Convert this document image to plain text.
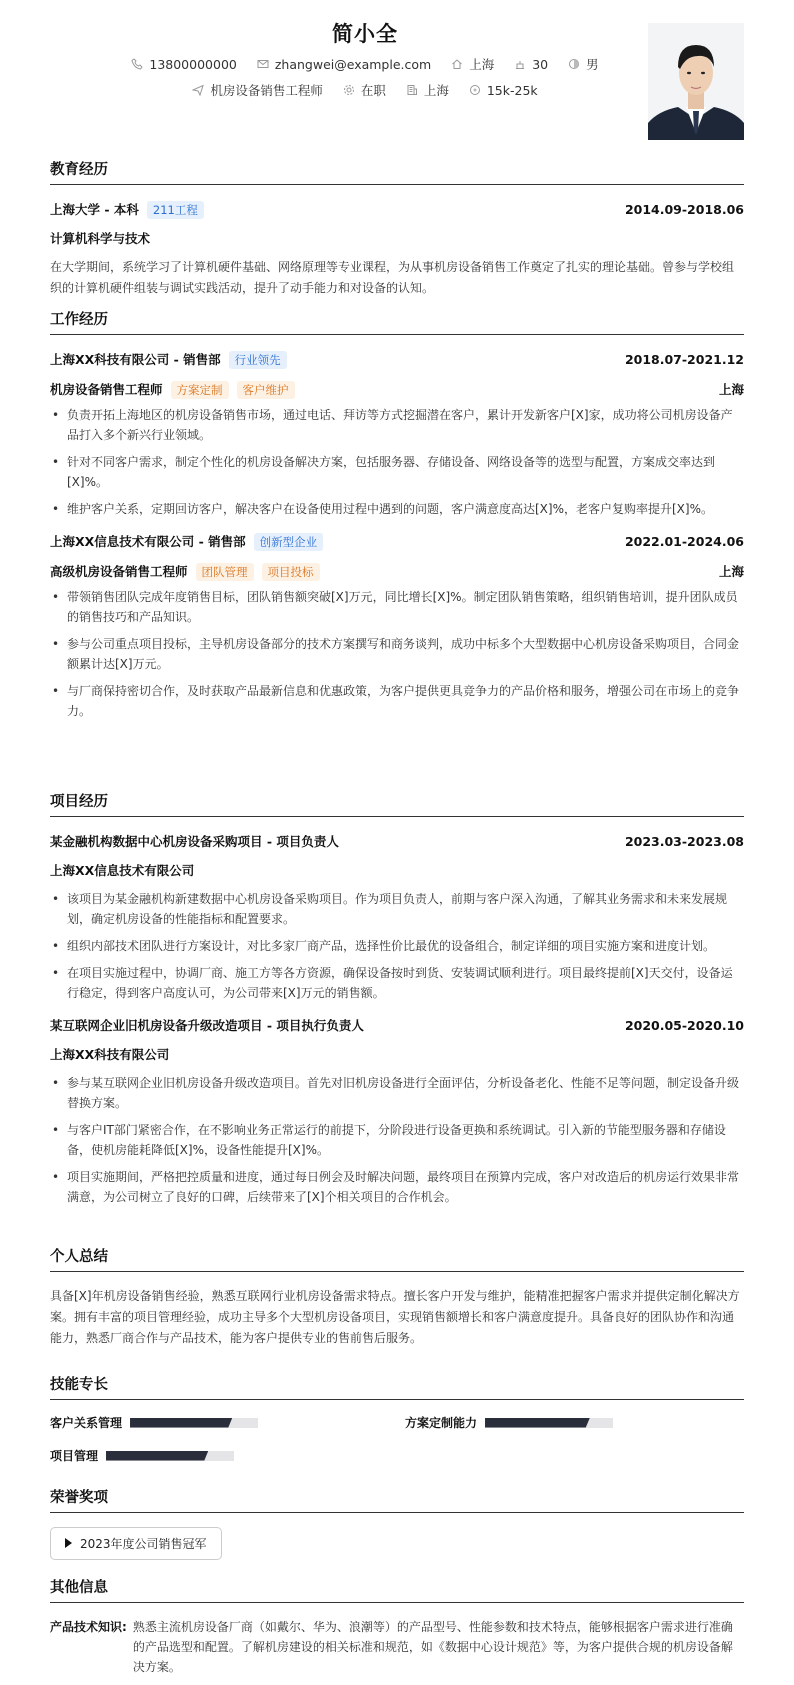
简小全
13800000000	zhangwei@example.com	上海	30	男
机房设备销售工程师	在职	上海	15k-25k
教育经历
上海大学 - 本科 211工程	2014.09-2018.06
计算机科学与技术

在大学期间，系统学习了计算机硬件基础、网络原理等专业课程，为从事机房设备销售工作奠定了扎实的理论基础。曾参与学校组织的计算机硬件组装与调试实践活动，提升了动手能力和对设备的认知。

工作经历
上海XX科技有限公司 - 销售部 行业领先	2018.07-2021.12
机房设备销售工程师 方案定制 客户维护	上海
• 负责开拓上海地区的机房设备销售市场，通过电话、拜访等方式挖掘潜在客户，累计开发新客户[X]家，成功将公司机房设备产品打入多个新兴行业领域。
• 针对不同客户需求，制定个性化的机房设备解决方案，包括服务器、存储设备、网络设备等的选型与配置，方案成交率达到[X]%。
• 维护客户关系，定期回访客户，解决客户在设备使用过程中遇到的问题，客户满意度高达[X]%，老客户复购率提升[X]%。
上海XX信息技术有限公司 - 销售部 创新型企业	2022.01-2024.06
高级机房设备销售工程师 团队管理 项目投标	上海
• 带领销售团队完成年度销售目标，团队销售额突破[X]万元，同比增长[X]%。制定团队销售策略，组织销售培训，提升团队成员的销售技巧和产品知识。
• 参与公司重点项目投标，主导机房设备部分的技术方案撰写和商务谈判，成功中标多个大型数据中心机房设备采购项目，合同金额累计达[X]万元。
• 与厂商保持密切合作，及时获取产品最新信息和优惠政策，为客户提供更具竞争力的产品价格和服务，增强公司在市场上的竞争力。
项目经历
某金融机构数据中心机房设备采购项目 - 项目负责人	2023.03-2023.08
上海XX信息技术有限公司
• 该项目为某金融机构新建数据中心机房设备采购项目。作为项目负责人，前期与客户深入沟通，了解其业务需求和未来发展规划，确定机房设备的性能指标和配置要求。
• 组织内部技术团队进行方案设计，对比多家厂商产品，选择性价比最优的设备组合，制定详细的项目实施方案和进度计划。
• 在项目实施过程中，协调厂商、施工方等各方资源，确保设备按时到货、安装调试顺利进行。项目最终提前[X]天交付，设备运行稳定，得到客户高度认可，为公司带来[X]万元的销售额。
某互联网企业旧机房设备升级改造项目 - 项目执行负责人	2020.05-2020.10
上海XX科技有限公司
• 参与某互联网企业旧机房设备升级改造项目。首先对旧机房设备进行全面评估，分析设备老化、性能不足等问题，制定设备升级替换方案。
• 与客户IT部门紧密合作，在不影响业务正常运行的前提下，分阶段进行设备更换和系统调试。引入新的节能型服务器和存储设备，使机房能耗降低[X]%，设备性能提升[X]%。
• 项目实施期间，严格把控质量和进度，通过每日例会及时解决问题，最终项目在预算内完成，客户对改造后的机房运行效果非常满意，为公司树立了良好的口碑，后续带来了[X]个相关项目的合作机会。
个人总结

具备[X]年机房设备销售经验，熟悉互联网行业机房设备需求特点。擅长客户开发与维护，能精准把握客户需求并提供定制化解决方案。拥有丰富的项目管理经验，成功主导多个大型机房设备项目，实现销售额增长和客户满意度提升。具备良好的团队协作和沟通能力，熟悉厂商合作与产品技术，能为客户提供专业的售前售后服务。

技能专长
客户关系管理	方案定制能力
项目管理
荣誉奖项
2023年度公司销售冠军
其他信息
产品技术知识: 熟悉主流机房设备厂商（如戴尔、华为、浪潮等）的产品型号、性能参数和技术特点，能够根据客户需求进行准确的产品选型和配置。了解机房建设的相关标准和规范，如《数据中心设计规范》等，为客户提供合规的机房设备解决方案。
